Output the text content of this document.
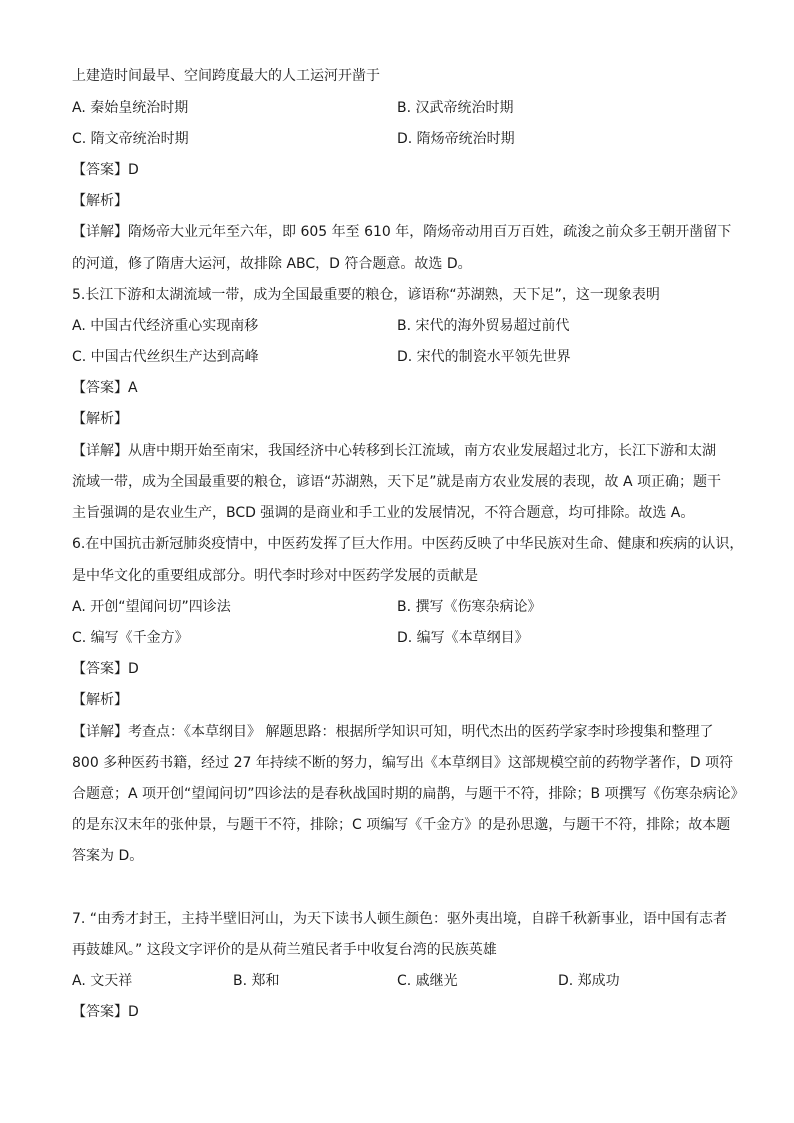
上建造时间最早、空间跨度最大的人工运河开凿于
A. 秦始皇统治时期	B. 汉武帝统治时期
C. 隋文帝统治时期	D. 隋炀帝统治时期
【答案】D
【解析】
【详解】隋炀帝大业元年至六年，即 605 年至 610 年，隋炀帝动用百万百姓，疏浚之前众多王朝开凿留下
的河道，修了隋唐大运河，故排除 ABC，D 符合题意。故选 D。
5.长江下游和太湖流域一带，成为全国最重要的粮仓，谚语称“苏湖熟，天下足”，这一现象表明
A. 中国古代经济重心实现南移	B. 宋代的海外贸易超过前代
C. 中国古代丝织生产达到高峰	D. 宋代的制瓷水平领先世界
【答案】A
【解析】
【详解】从唐中期开始至南宋，我国经济中心转移到长江流域，南方农业发展超过北方，长江下游和太湖
流域一带，成为全国最重要的粮仓，谚语“苏湖熟，天下足”就是南方农业发展的表现，故 A 项正确；题干
主旨强调的是农业生产，BCD 强调的是商业和手工业的发展情况，不符合题意，均可排除。故选 A。
6.在中国抗击新冠肺炎疫情中，中医药发挥了巨大作用。中医药反映了中华民族对生命、健康和疾病的认识，
是中华文化的重要组成部分。明代李时珍对中医药学发展的贡献是
A. 开创“望闻问切”四诊法	B. 撰写《伤寒杂病论》
C. 编写《千金方》	D. 编写《本草纲目》
【答案】D
【解析】
【详解】考查点：《本草纲目》 解题思路：根据所学知识可知，明代杰出的医药学家李时珍搜集和整理了
800 多种医药书籍，经过 27 年持续不断的努力，编写出《本草纲目》这部规模空前的药物学著作，D 项符
合题意；A 项开创“望闻问切”四诊法的是春秋战国时期的扁鹊，与题干不符，排除；B 项撰写《伤寒杂病论》
的是东汉末年的张仲景，与题干不符，排除；C 项编写《千金方》的是孙思邈，与题干不符，排除；故本题
答案为 D。
7. “由秀才封王，主持半壁旧河山，为天下读书人顿生颜色：驱外夷出境，自辟千秋新事业，语中国有志者
再鼓雄风。” 这段文字评价的是从荷兰殖民者手中收复台湾的民族英雄
A. 文天祥	B. 郑和	C. 戚继光	D. 郑成功
【答案】D
